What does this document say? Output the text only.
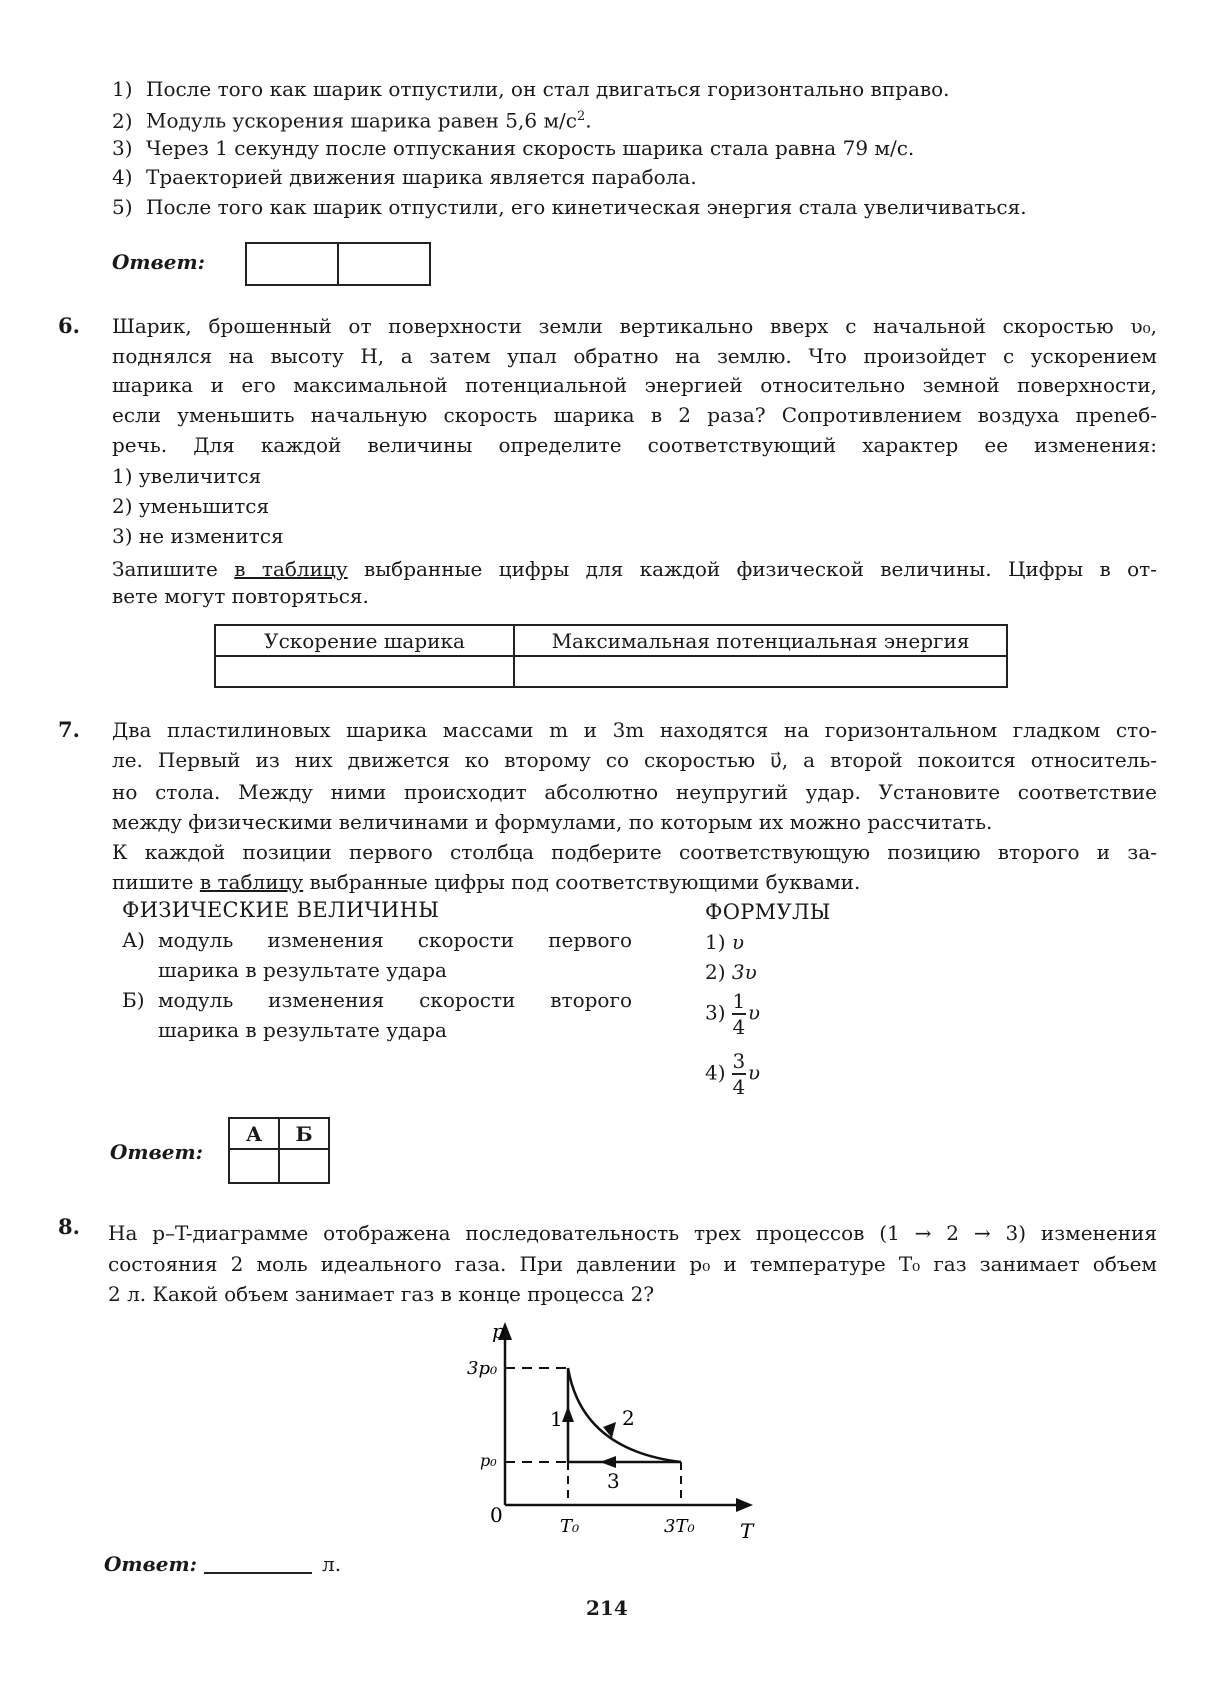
1) После того как шарик отпустили, он стал двигаться горизонтально вправо.
2) Модуль ускорения шарика равен 5,6 $м/с^2$.
3) Через 1 секунду после отпускания скорость шарика стала равна 79 м/с.
4) Траекторией движения шарика является парабола.
5) После того как шарик отпустили, его кинетическая энергия стала увеличиваться.
Ответ:
6. Шарик, брошенный от поверхности земли вертикально вверх с начальной скоростью υ₀,
поднялся на высоту H, а затем упал обратно на землю. Что произойдет с ускорением
шарика и его максимальной потенциальной энергией относительно земной поверхности,
если уменьшить начальную скорость шарика в 2 раза? Сопротивлением воздуха прenеб-
речь. Для каждой величины определите соответствующий характер ее изменения:
1) увеличится
2) уменьшится
3) не изменится
Запишите в таблицу выбранные цифры для каждой физической величины. Цифры в от-
вете могут повторяться.
Ускорение шарика	Максимальная потенциальная энергия

7. Два пластилиновых шарика массами m и 3m находятся на горизонтальном гладком сто-
ле. Первый из них движется ко второму со скоростью υ⃗, а второй покоится относитель-
но стола. Между ними происходит абсолютно неупругий удар. Установите соответствие
между физическими величинами и формулами, по которым их можно рассчитать.
К каждой позиции первого столбца подберите соответствующую позицию второго и за-
пишите в таблицу выбранные цифры под соответствующими буквами.
ФИЗИЧЕСКИЕ ВЕЛИЧИНЫ	ФОРМУЛЫ
А) модуль изменения скорости первого
шарика в результате удара
Б) модуль изменения скорости второго
шарика в результате удара
1) υ
2) 3υ
$3) \frac{1}{4}$ υ
$4) \frac{3}{4}$ υ
Ответ:
А	Б

8. На p–T-диаграмме отображена последовательность трех процессов (1 → 2 → 3) изменения
состояния 2 моль идеального газа. При давлении p₀ и температуре T₀ газ занимает объем
2 л. Какой объем занимает газ в конце процесса 2?
p
T
0
3p₀
p₀
T₀	3T₀
1	2
3
Ответ:	л.
214
